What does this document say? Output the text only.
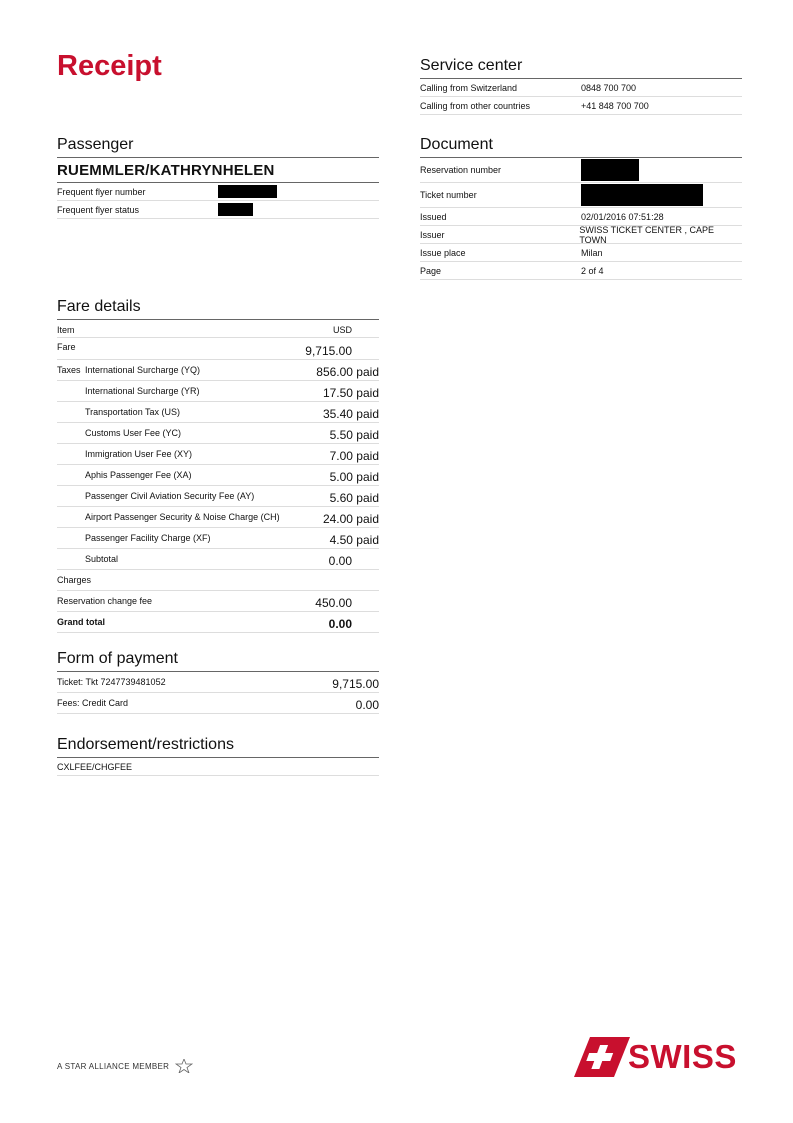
Receipt	Service center
Calling from Switzerland	0848 700 700
Calling from other countries	+41 848 700 700
Passenger
RUEMMLER/KATHRYNHELEN
Frequent flyer number
Frequent flyer status
Document
Reservation number
Ticket number
Issued	02/01/2016 07:51:28
Issuer	SWISS TICKET CENTER , CAPE TOWN
Issue place	Milan
Page	2 of 4
Fare details
Item	USD
Fare	9,715.00
Taxes International Surcharge (YQ)	856.00 paid
International Surcharge (YR)	17.50 paid
Transportation Tax (US)	35.40 paid
Customs User Fee (YC)	5.50 paid
Immigration User Fee (XY)	7.00 paid
Aphis Passenger Fee (XA)	5.00 paid
Passenger Civil Aviation Security Fee (AY)	5.60 paid
Airport Passenger Security & Noise Charge (CH)	24.00 paid
Passenger Facility Charge (XF)	4.50 paid
Subtotal	0.00
Charges
Reservation change fee	450.00
Grand total	0.00
Form of payment
Ticket: Tkt 7247739481052	9,715.00
Fees: Credit Card	0.00
Endorsement/restrictions
CXLFEE/CHGFEE
A STAR ALLIANCE MEMBER	SWISS
